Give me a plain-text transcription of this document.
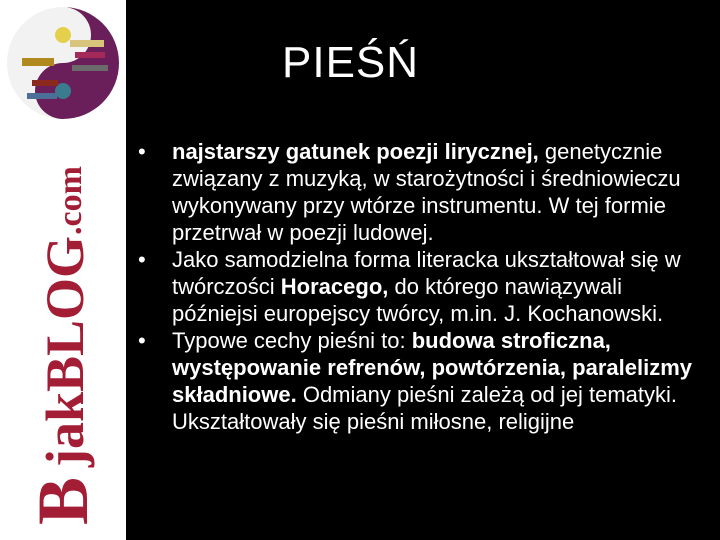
B
jakBLOG
.com
PIEŚŃ
• najstarszy gatunek poezji lirycznej, genetycznie związany z muzyką, w starożytności i średniowieczu wykonywany przy wtórze instrumentu. W tej formie przetrwał w poezji ludowej.
• Jako samodzielna forma literacka ukształtował się w twórczości Horacego, do którego nawiązywali późniejsi europejscy twórcy, m.in. J. Kochanowski.
• Typowe cechy pieśni to: budowa stroficzna, występowanie refrenów, powtórzenia, paralelizmy składniowe. Odmiany pieśni zależą od jej tematyki. Ukształtowały się pieśni miłosne, religijne
